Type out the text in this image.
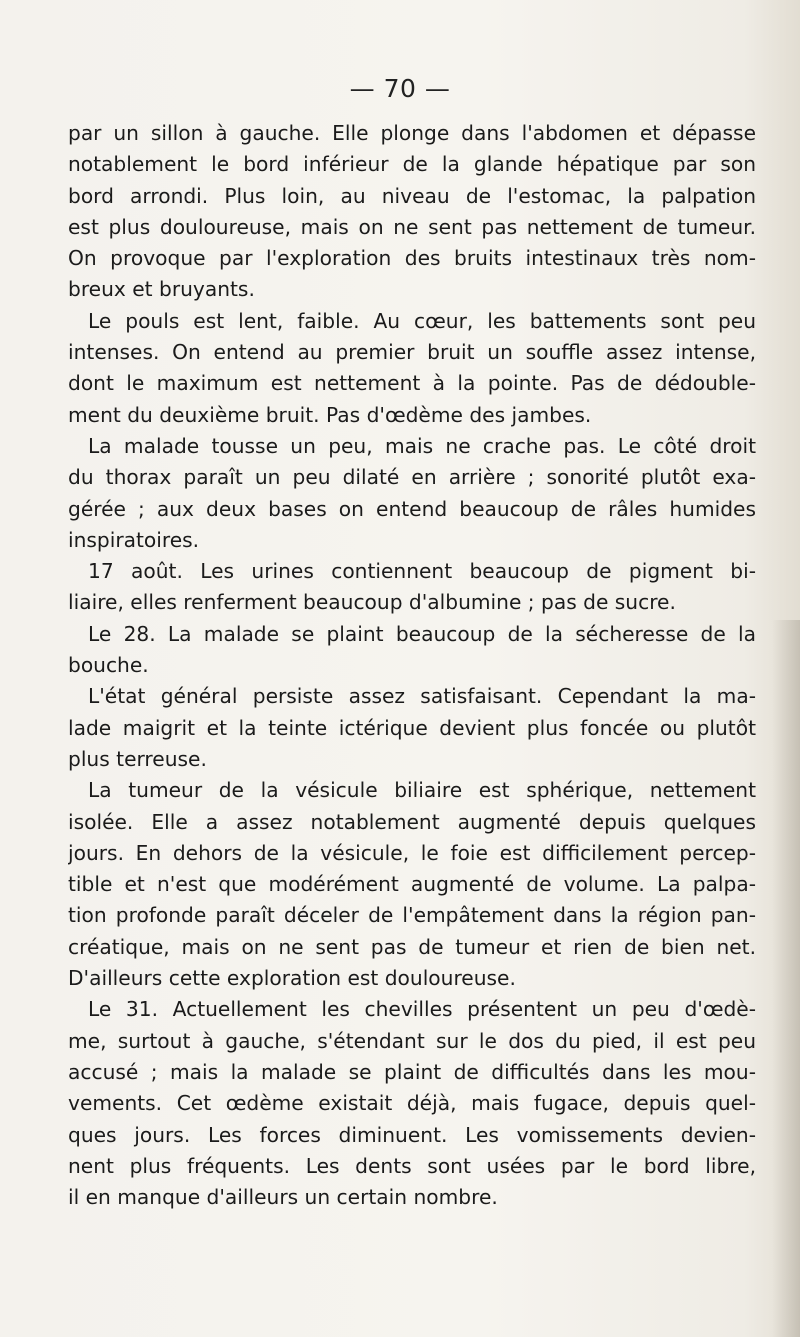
— 70 —
par un sillon à gauche. Elle plonge dans l'abdomen et dépasse
notablement le bord inférieur de la glande hépatique par son
bord arrondi. Plus loin, au niveau de l'estomac, la palpation
est plus douloureuse, mais on ne sent pas nettement de tumeur.
On provoque par l'exploration des bruits intestinaux très nom-
breux et bruyants.
Le pouls est lent, faible. Au cœur, les battements sont peu
intenses. On entend au premier bruit un souffle assez intense,
dont le maximum est nettement à la pointe. Pas de dédouble-
ment du deuxième bruit. Pas d'œdème des jambes.
La malade tousse un peu, mais ne crache pas. Le côté droit
du thorax paraît un peu dilaté en arrière ; sonorité plutôt exa-
gérée ; aux deux bases on entend beaucoup de râles humides
inspiratoires.
17 août. Les urines contiennent beaucoup de pigment bi-
liaire, elles renferment beaucoup d'albumine ; pas de sucre.
Le 28. La malade se plaint beaucoup de la sécheresse de la
bouche.
L'état général persiste assez satisfaisant. Cependant la ma-
lade maigrit et la teinte ictérique devient plus foncée ou plutôt
plus terreuse.
La tumeur de la vésicule biliaire est sphérique, nettement
isolée. Elle a assez notablement augmenté depuis quelques
jours. En dehors de la vésicule, le foie est difficilement percep-
tible et n'est que modérément augmenté de volume. La palpa-
tion profonde paraît déceler de l'empâtement dans la région pan-
créatique, mais on ne sent pas de tumeur et rien de bien net.
D'ailleurs cette exploration est douloureuse.
Le 31. Actuellement les chevilles présentent un peu d'œdè-
me, surtout à gauche, s'étendant sur le dos du pied, il est peu
accusé ; mais la malade se plaint de difficultés dans les mou-
vements. Cet œdème existait déjà, mais fugace, depuis quel-
ques jours. Les forces diminuent. Les vomissements devien-
nent plus fréquents. Les dents sont usées par le bord libre,
il en manque d'ailleurs un certain nombre.
